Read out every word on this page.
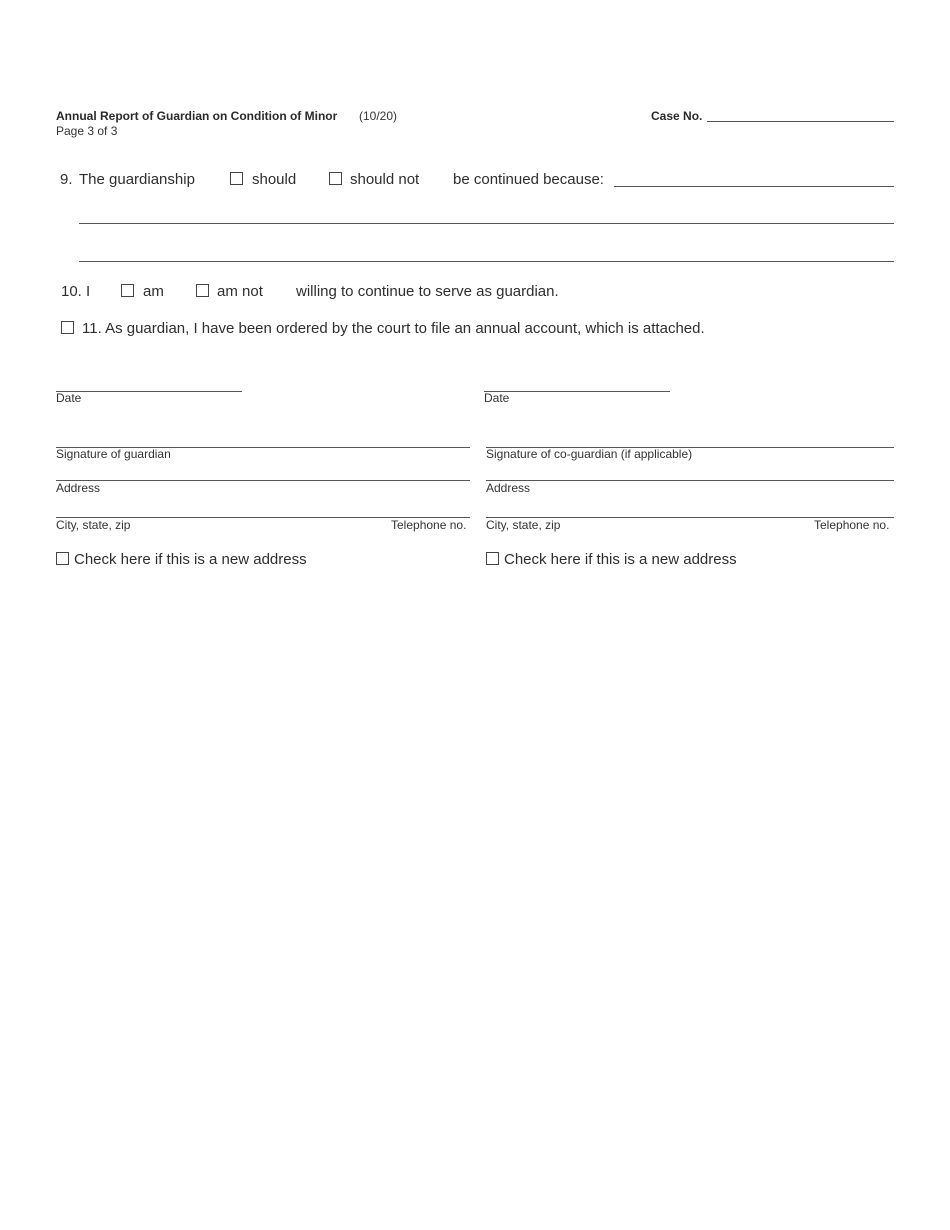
Annual Report of Guardian on Condition of Minor (10/20)
Page 3 of 3
Case No.
9. The guardianship	should	should not be continued because:
10. I	am	am not willing to continue to serve as guardian.
11. As guardian, I have been ordered by the court to file an annual account, which is attached.
Date
Signature of guardian
Address
City, state, zip	Telephone no.
Check here if this is a new address
Date
Signature of co-guardian (if applicable)
Address
City, state, zip	Telephone no.
Check here if this is a new address
